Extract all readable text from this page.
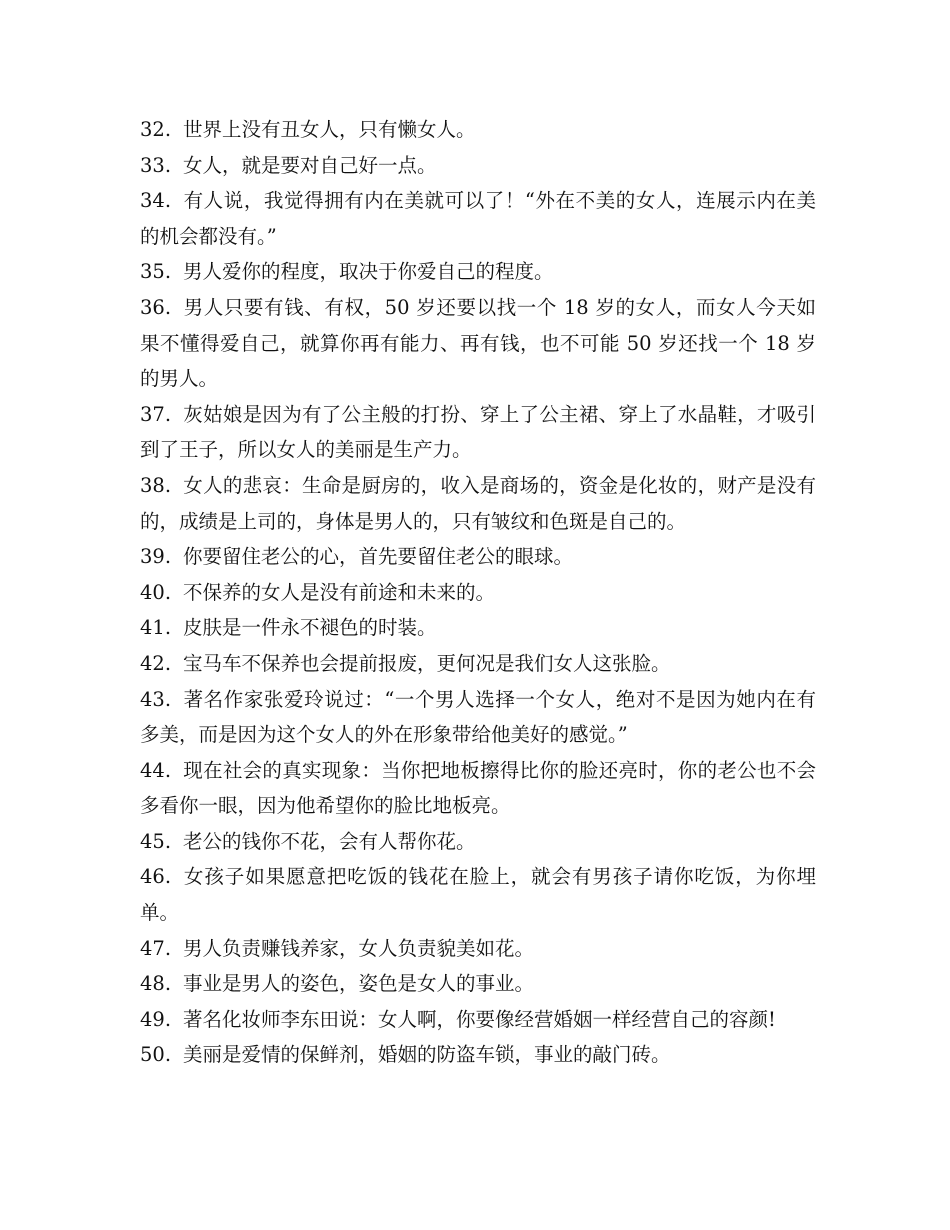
32. 世界上没有丑女人，只有懒女人。

33. 女人，就是要对自己好一点。

34. 有人说，我觉得拥有内在美就可以了！“外在不美的女人，连展示内在美的机会都没有。”

35. 男人爱你的程度，取决于你爱自己的程度。

36. 男人只要有钱、有权，50 岁还要以找一个 18 岁的女人，而女人今天如果不懂得爱自己，就算你再有能力、再有钱，也不可能 50 岁还找一个 18 岁的男人。

37. 灰姑娘是因为有了公主般的打扮、穿上了公主裙、穿上了水晶鞋，才吸引到了王子，所以女人的美丽是生产力。

38. 女人的悲哀：生命是厨房的，收入是商场的，资金是化妆的，财产是没有的，成绩是上司的，身体是男人的，只有皱纹和色斑是自己的。

39. 你要留住老公的心，首先要留住老公的眼球。

40. 不保养的女人是没有前途和未来的。

41. 皮肤是一件永不褪色的时装。

42. 宝马车不保养也会提前报废，更何况是我们女人这张脸。

43. 著名作家张爱玲说过：“一个男人选择一个女人，绝对不是因为她内在有多美，而是因为这个女人的外在形象带给他美好的感觉。”

44. 现在社会的真实现象：当你把地板擦得比你的脸还亮时，你的老公也不会多看你一眼，因为他希望你的脸比地板亮。

45. 老公的钱你不花，会有人帮你花。

46. 女孩子如果愿意把吃饭的钱花在脸上，就会有男孩子请你吃饭，为你埋单。

47. 男人负责赚钱养家，女人负责貌美如花。

48. 事业是男人的姿色，姿色是女人的事业。

49. 著名化妆师李东田说：女人啊，你要像经营婚姻一样经营自己的容颜!

50. 美丽是爱情的保鲜剂，婚姻的防盗车锁，事业的敲门砖。
